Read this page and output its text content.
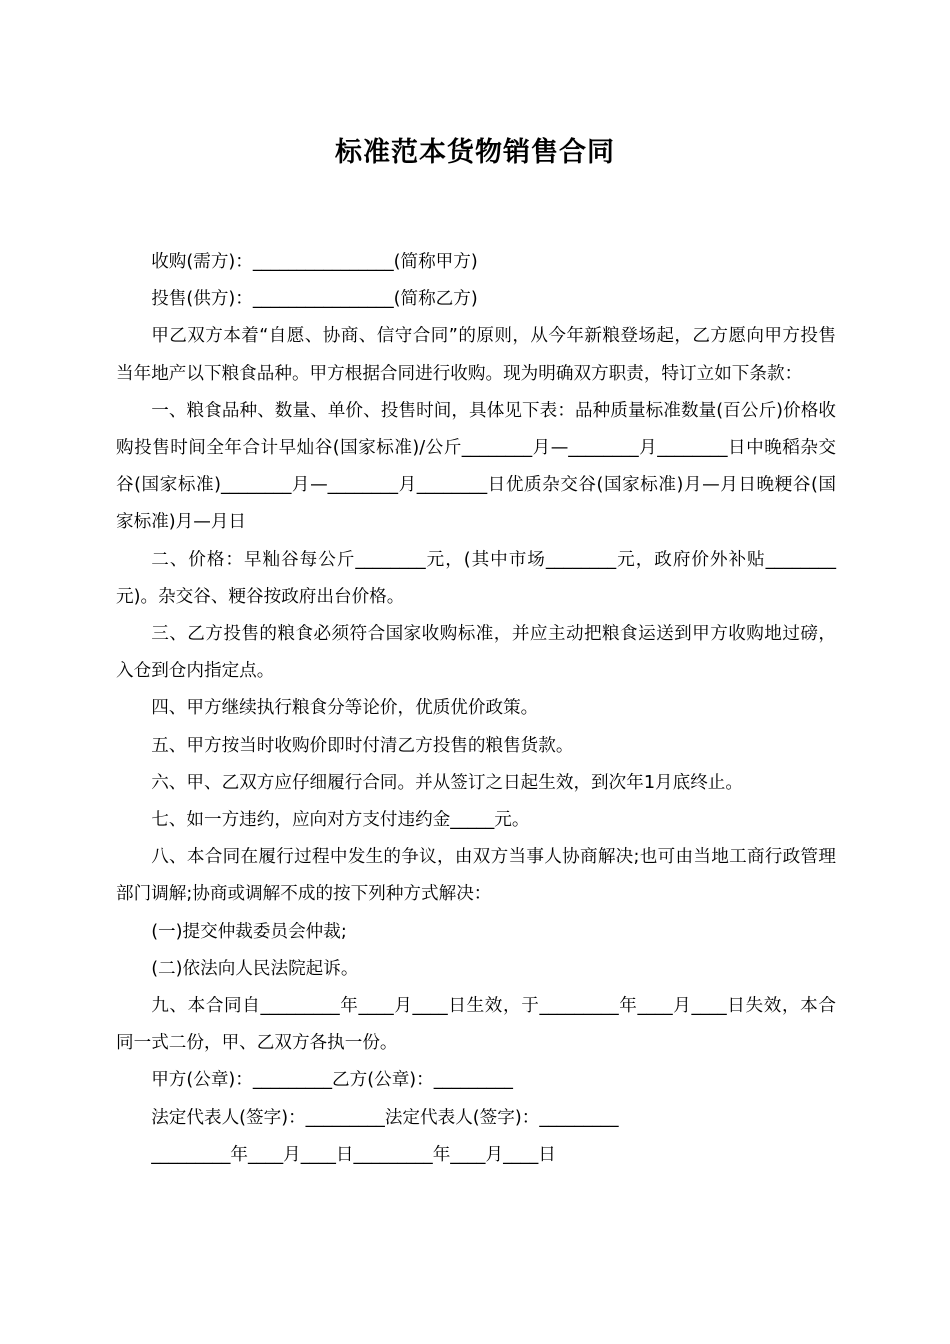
标准范本货物销售合同

收购(需方)：________________(简称甲方)

投售(供方)：________________(简称乙方)

甲乙双方本着“自愿、协商、信守合同”的原则，从今年新粮登场起，乙方愿向甲方投售当年地产以下粮食品种。甲方根据合同进行收购。现为明确双方职责，特订立如下条款：

一、粮食品种、数量、单价、投售时间，具体见下表：品种质量标准数量(百公斤)价格收购投售时间全年合计早灿谷(国家标准)/公斤________月—________月________日中晚稻杂交谷(国家标准)________月—________月________日优质杂交谷(国家标准)月—月日晚粳谷(国家标准)月—月日

二、价格：早籼谷每公斤________元，(其中市场________元，政府价外补贴________元)。杂交谷、粳谷按政府出台价格。

三、乙方投售的粮食必须符合国家收购标准，并应主动把粮食运送到甲方收购地过磅，入仓到仓内指定点。

四、甲方继续执行粮食分等论价，优质优价政策。

五、甲方按当时收购价即时付清乙方投售的粮售货款。

六、甲、乙双方应仔细履行合同。并从签订之日起生效，到次年1月底终止。

七、如一方违约，应向对方支付违约金_____元。

八、本合同在履行过程中发生的争议，由双方当事人协商解决;也可由当地工商行政管理部门调解;协商或调解不成的按下列种方式解决：

(一)提交仲裁委员会仲裁;

(二)依法向人民法院起诉。

九、本合同自_________年____月____日生效，于_________年____月____日失效，本合同一式二份，甲、乙双方各执一份。

甲方(公章)：_________乙方(公章)：_________

法定代表人(签字)：_________法定代表人(签字)：_________

_________年____月____日_________年____月____日
